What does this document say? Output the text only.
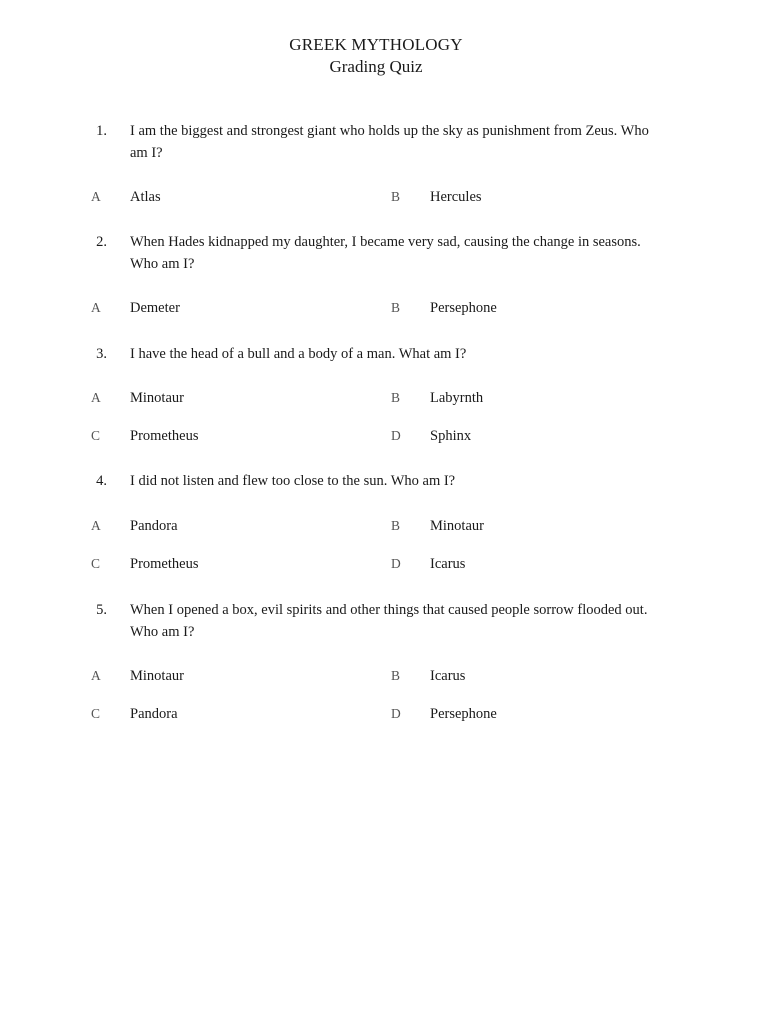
GREEK MYTHOLOGY
Grading Quiz
1. I am the biggest and strongest giant who holds up the sky as punishment from Zeus. Who am I?
A Atlas	B Hercules
2. When Hades kidnapped my daughter, I became very sad, causing the change in seasons. Who am I?
A Demeter	B Persephone
3. I have the head of a bull and a body of a man. What am I?
A Minotaur	B Labyrnth
C Prometheus	D Sphinx
4. I did not listen and flew too close to the sun. Who am I?
A Pandora	B Minotaur
C Prometheus	D Icarus
5. When I opened a box, evil spirits and other things that caused people sorrow flooded out. Who am I?
A Minotaur	B Icarus
C Pandora	D Persephone
